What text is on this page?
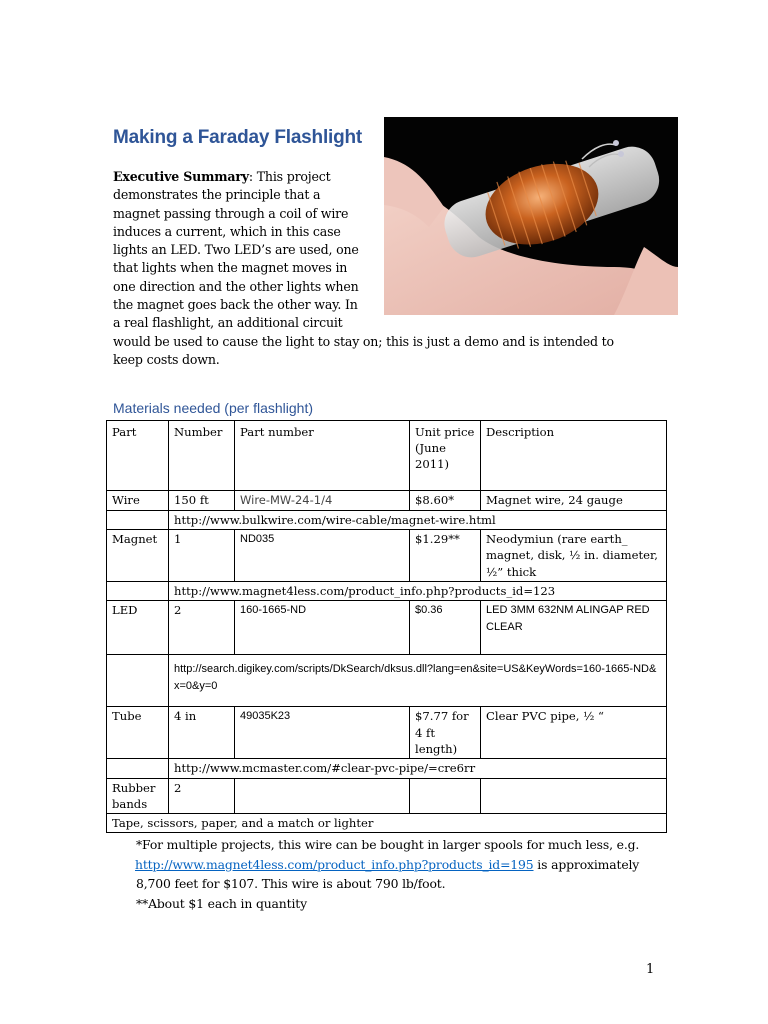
Making a Faraday Flashlight
Executive Summary: This project
demonstrates the principle that a
magnet passing through a coil of wire
induces a current, which in this case
lights an LED. Two LED’s are used, one
that lights when the magnet moves in
one direction and the other lights when
the magnet goes back the other way. In
a real flashlight, an additional circuit
would be used to cause the light to stay on; this is just a demo and is intended to
keep costs down.
Materials needed (per flashlight)
Part	Number	Part number	Unit price (June 2011)	Description
Wire	150 ft	Wire-MW-24-1/4	$8.60*	Magnet wire, 24 gauge
	http://www.bulkwire.com/wire-cable/magnet-wire.html			
Magnet	1	ND035	$1.29**	Neodymiun (rare earth_ magnet, disk, ½ in. diameter, ½” thick
	http://www.magnet4less.com/product_info.php?products_id=123			
LED	2	160-1665-ND	$0.36	LED 3MM 632NM ALINGAP RED CLEAR
	http://search.digikey.com/scripts/DkSearch/dksus.dll?lang=en&site=US&KeyWords=160-1665-ND&x=0&y=0			
Tube	4 in	49035K23	$7.77 for 4 ft length)	Clear PVC pipe, ½ “
	http://www.mcmaster.com/#clear-pvc-pipe/=cre6rr			
Rubber bands	2			
Tape, scissors, paper, and a match or lighter				
*For multiple projects, this wire can be bought in larger spools for much less, e.g.
http://www.magnet4less.com/product_info.php?products_id=195 is approximately
8,700 feet for $107. This wire is about 790 lb/foot.
**About $1 each in quantity

1
